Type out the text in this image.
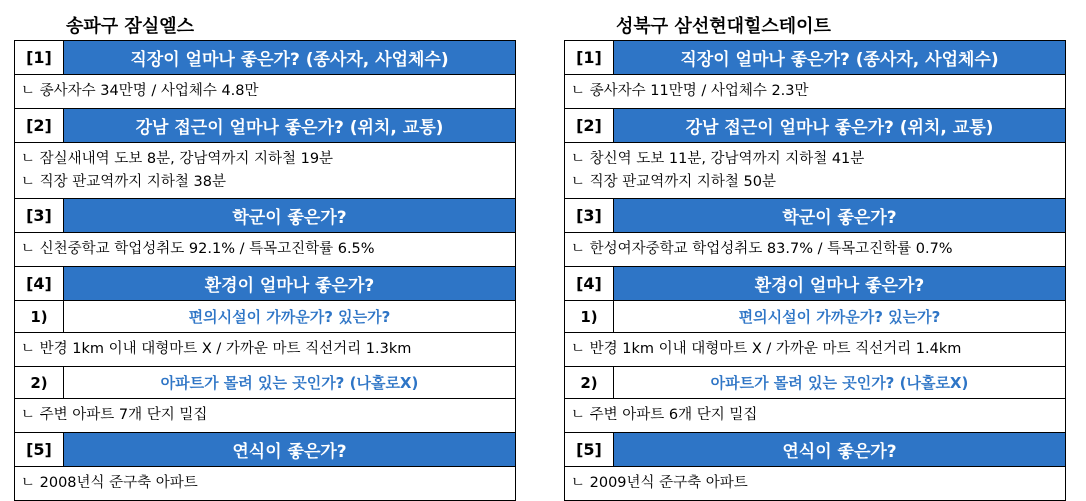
송파구 잠실엘스
[1]	직장이 얼마나 좋은가? (종사자, 사업체수)
ㄴ 종사자수 34만명 / 사업체수 4.8만
[2]	강남 접근이 얼마나 좋은가? (위치, 교통)
ㄴ 잠실새내역 도보 8분, 강남역까지 지하철 19분
ㄴ 직장 판교역까지 지하철 38분
[3]	학군이 좋은가?
ㄴ 신천중학교 학업성취도 92.1% / 특목고진학률 6.5%
[4]	환경이 얼마나 좋은가?
1)	편의시설이 가까운가? 있는가?
ㄴ 반경 1km 이내 대형마트 X / 가까운 마트 직선거리 1.3km
2)	아파트가 몰려 있는 곳인가? (나홀로X)
ㄴ 주변 아파트 7개 단지 밀집
[5]	연식이 좋은가?
ㄴ 2008년식 준구축 아파트
성북구 삼선현대힐스테이트
[1]	직장이 얼마나 좋은가? (종사자, 사업체수)
ㄴ 종사자수 11만명 / 사업체수 2.3만
[2]	강남 접근이 얼마나 좋은가? (위치, 교통)
ㄴ 창신역 도보 11분, 강남역까지 지하철 41분
ㄴ 직장 판교역까지 지하철 50분
[3]	학군이 좋은가?
ㄴ 한성여자중학교 학업성취도 83.7% / 특목고진학률 0.7%
[4]	환경이 얼마나 좋은가?
1)	편의시설이 가까운가? 있는가?
ㄴ 반경 1km 이내 대형마트 X / 가까운 마트 직선거리 1.4km
2)	아파트가 몰려 있는 곳인가? (나홀로X)
ㄴ 주변 아파트 6개 단지 밀집
[5]	연식이 좋은가?
ㄴ 2009년식 준구축 아파트
